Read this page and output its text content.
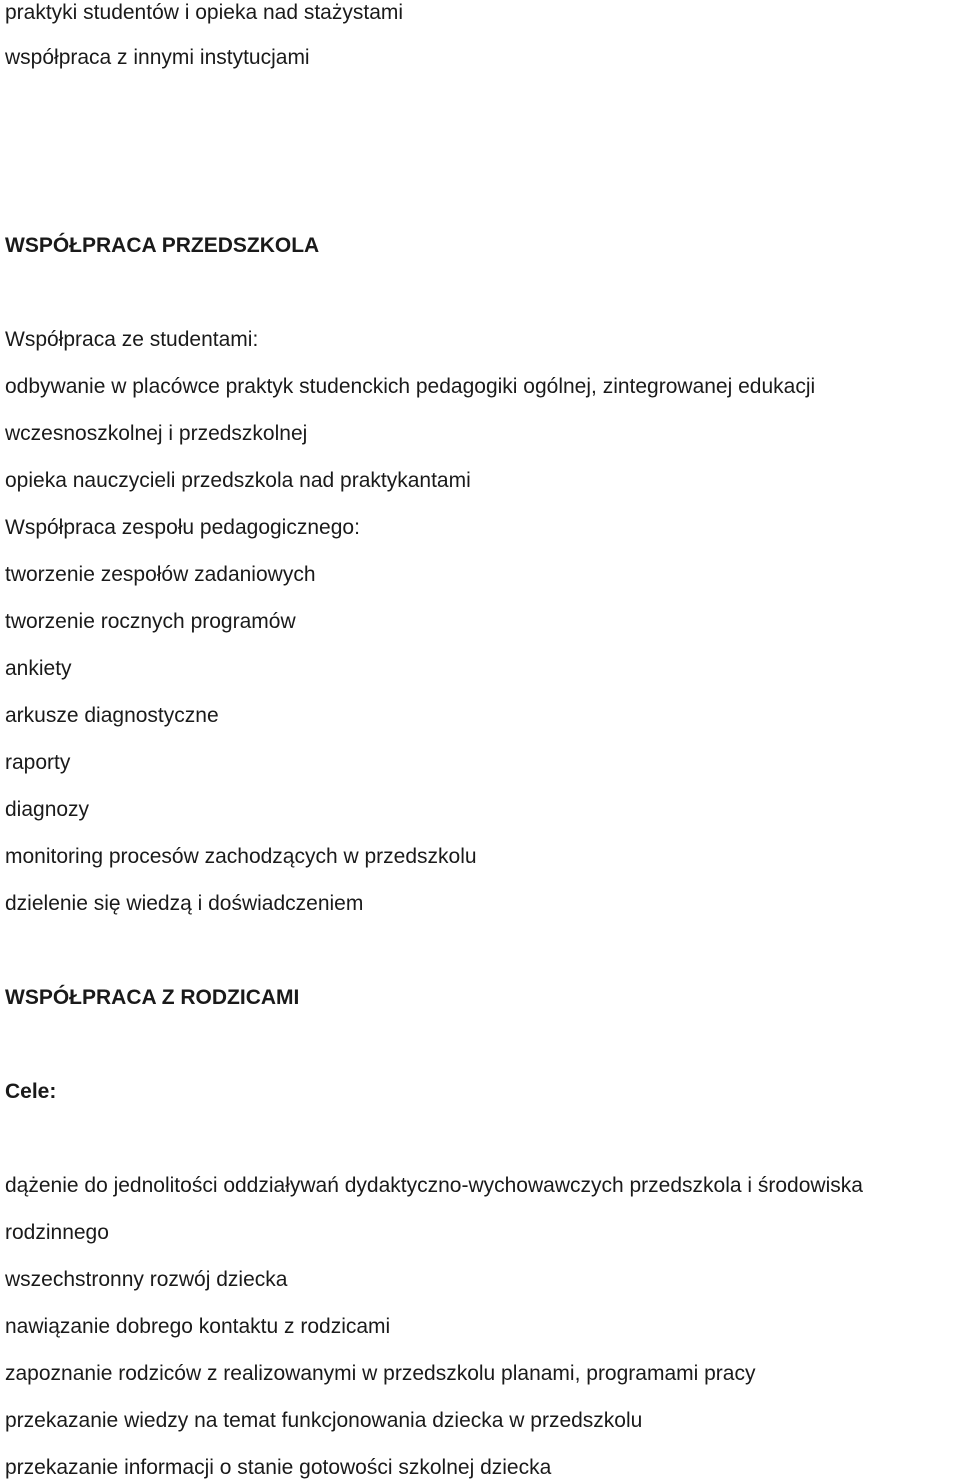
praktyki studentów i opieka nad stażystami
współpraca z innymi instytucjami
WSPÓŁPRACA PRZEDSZKOLA
Współpraca ze studentami:
odbywanie w placówce praktyk studenckich pedagogiki ogólnej, zintegrowanej edukacji
wczesnoszkolnej i przedszkolnej
opieka nauczycieli przedszkola nad praktykantami
Współpraca zespołu pedagogicznego:
tworzenie zespołów zadaniowych
tworzenie rocznych programów
ankiety
arkusze diagnostyczne
raporty
diagnozy
monitoring procesów zachodzących w przedszkolu
dzielenie się wiedzą i doświadczeniem
WSPÓŁPRACA Z RODZICAMI
Cele:
dążenie do jednolitości oddziaływań dydaktyczno-wychowawczych przedszkola i środowiska
rodzinnego
wszechstronny rozwój dziecka
nawiązanie dobrego kontaktu z rodzicami
zapoznanie rodziców z realizowanymi w przedszkolu planami, programami pracy
przekazanie wiedzy na temat funkcjonowania dziecka w przedszkolu
przekazanie informacji o stanie gotowości szkolnej dziecka
